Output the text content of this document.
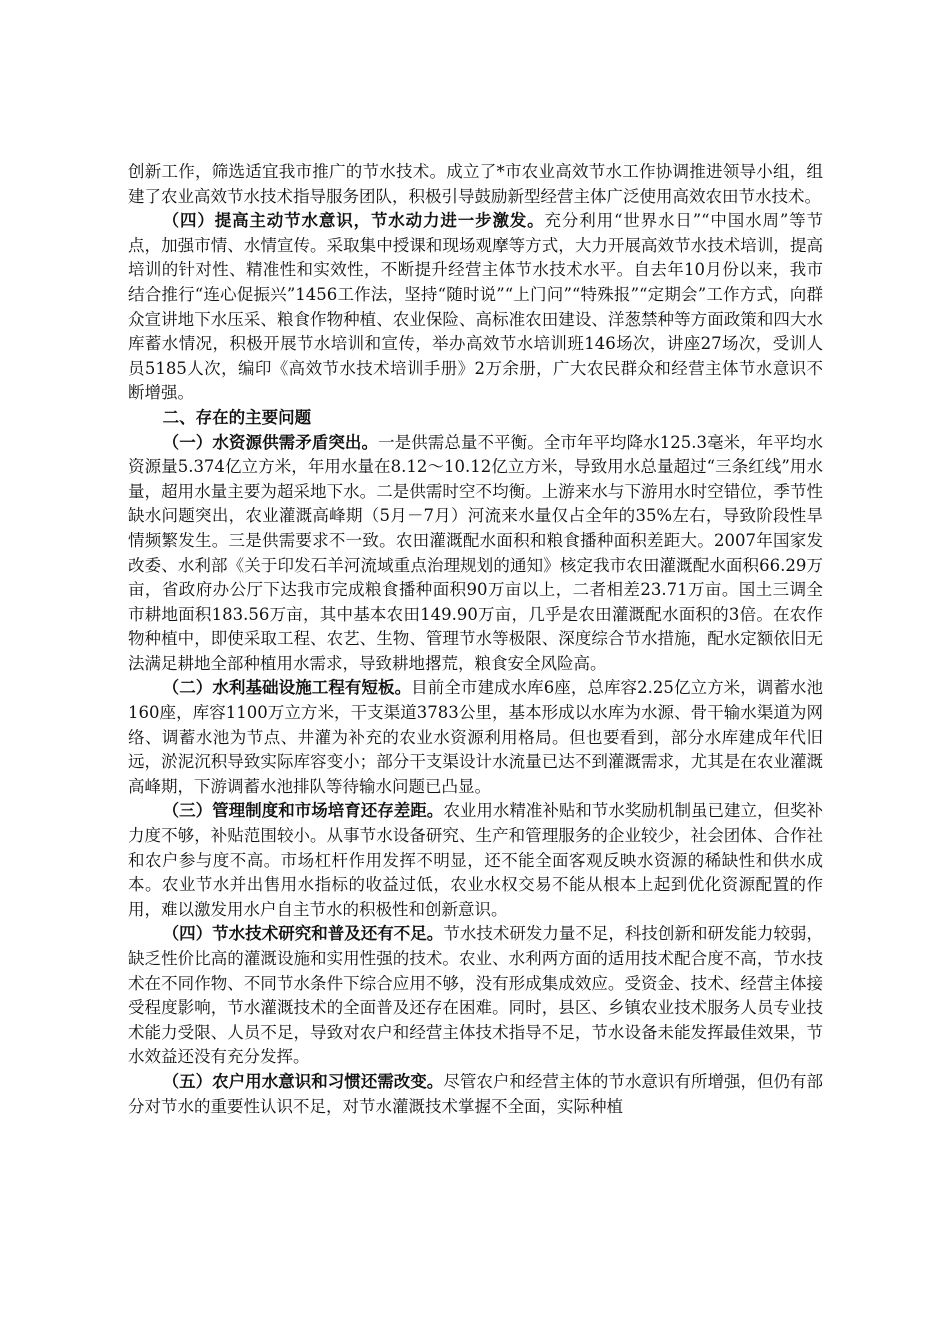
创新工作，筛选适宜我市推广的节水技术。成立了*市农业高效节水工作协调推进领导小组，组建了农业高效节水技术指导服务团队，积极引导鼓励新型经营主体广泛使用高效农田节水技术。

（四）提高主动节水意识，节水动力进一步激发。充分利用“世界水日”“中国水周”等节点，加强市情、水情宣传。采取集中授课和现场观摩等方式，大力开展高效节水技术培训，提高培训的针对性、精准性和实效性，不断提升经营主体节水技术水平。自去年10月份以来，我市结合推行“连心促振兴”1456工作法，坚持“随时说”“上门问”“特殊报”“定期会”工作方式，向群众宣讲地下水压采、粮食作物种植、农业保险、高标准农田建设、洋葱禁种等方面政策和四大水库蓄水情况，积极开展节水培训和宣传，举办高效节水培训班146场次，讲座27场次，受训人员5185人次，编印《高效节水技术培训手册》2万余册，广大农民群众和经营主体节水意识不断增强。

二、存在的主要问题

（一）水资源供需矛盾突出。一是供需总量不平衡。全市年平均降水125.3毫米，年平均水资源量5.374亿立方米，年用水量在8.12～10.12亿立方米，导致用水总量超过“三条红线”用水量，超用水量主要为超采地下水。二是供需时空不均衡。上游来水与下游用水时空错位，季节性缺水问题突出，农业灌溉高峰期（5月－7月）河流来水量仅占全年的35%左右，导致阶段性旱情频繁发生。三是供需要求不一致。农田灌溉配水面积和粮食播种面积差距大。2007年国家发改委、水利部《关于印发石羊河流域重点治理规划的通知》核定我市农田灌溉配水面积66.29万亩，省政府办公厅下达我市完成粮食播种面积90万亩以上，二者相差23.71万亩。国土三调全市耕地面积183.56万亩，其中基本农田149.90万亩，几乎是农田灌溉配水面积的3倍。在农作物种植中，即使采取工程、农艺、生物、管理节水等极限、深度综合节水措施，配水定额依旧无法满足耕地全部种植用水需求，导致耕地撂荒，粮食安全风险高。

（二）水利基础设施工程有短板。目前全市建成水库6座，总库容2.25亿立方米，调蓄水池160座，库容1100万立方米，干支渠道3783公里，基本形成以水库为水源、骨干输水渠道为网络、调蓄水池为节点、井灌为补充的农业水资源利用格局。但也要看到，部分水库建成年代旧远，淤泥沉积导致实际库容变小；部分干支渠设计水流量已达不到灌溉需求，尤其是在农业灌溉高峰期，下游调蓄水池排队等待输水问题已凸显。

（三）管理制度和市场培育还存差距。农业用水精准补贴和节水奖励机制虽已建立，但奖补力度不够，补贴范围较小。从事节水设备研究、生产和管理服务的企业较少，社会团体、合作社和农户参与度不高。市场杠杆作用发挥不明显，还不能全面客观反映水资源的稀缺性和供水成本。农业节水并出售用水指标的收益过低，农业水权交易不能从根本上起到优化资源配置的作用，难以激发用水户自主节水的积极性和创新意识。

（四）节水技术研究和普及还有不足。节水技术研发力量不足，科技创新和研发能力较弱，缺乏性价比高的灌溉设施和实用性强的技术。农业、水利两方面的适用技术配合度不高，节水技术在不同作物、不同节水条件下综合应用不够，没有形成集成效应。受资金、技术、经营主体接受程度影响，节水灌溉技术的全面普及还存在困难。同时，县区、乡镇农业技术服务人员专业技术能力受限、人员不足，导致对农户和经营主体技术指导不足，节水设备未能发挥最佳效果，节水效益还没有充分发挥。

（五）农户用水意识和习惯还需改变。尽管农户和经营主体的节水意识有所增强，但仍有部分对节水的重要性认识不足，对节水灌溉技术掌握不全面，实际种植
